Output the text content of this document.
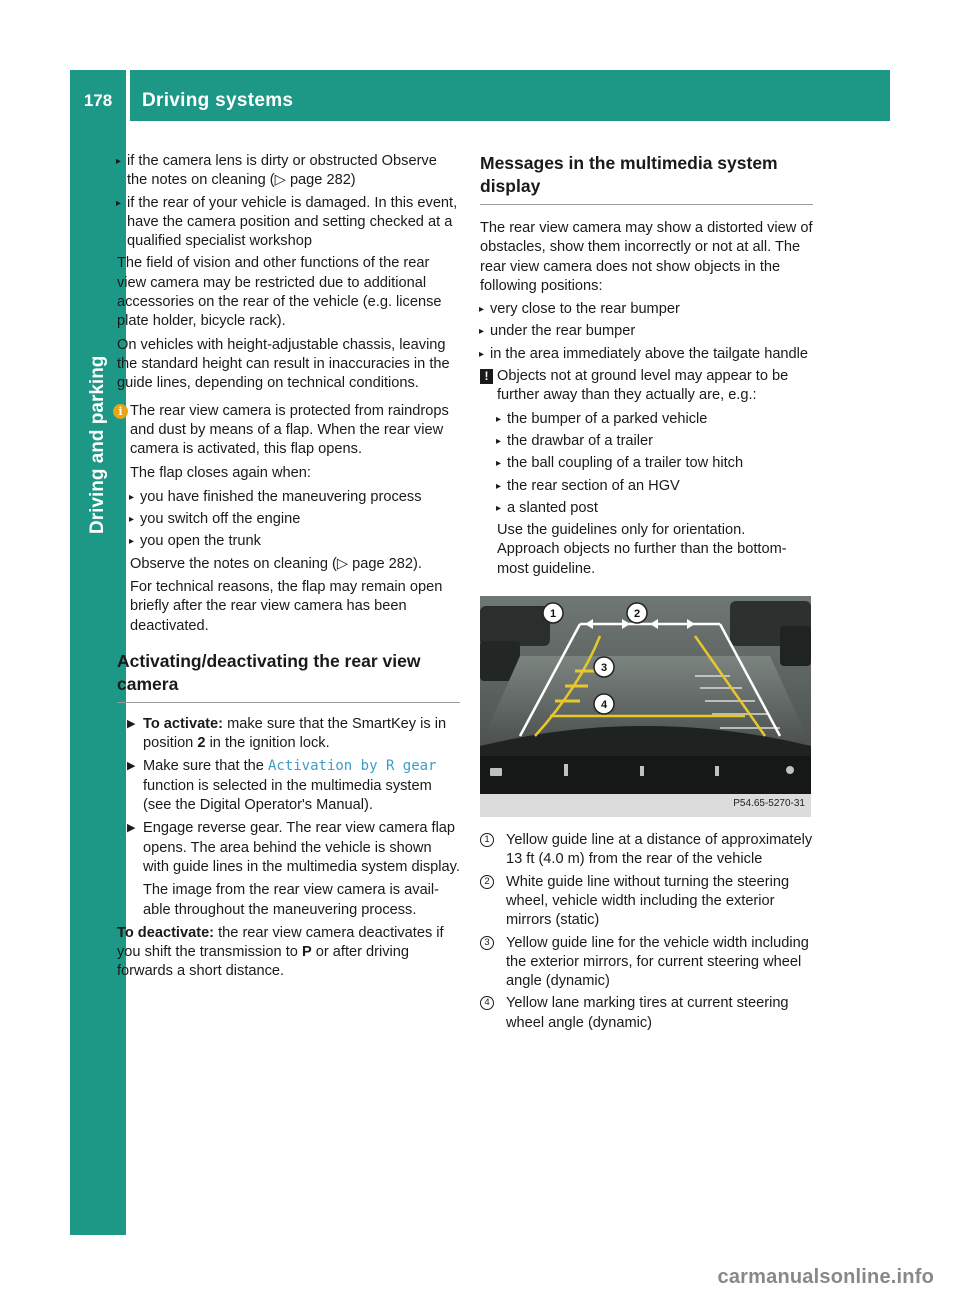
178	Driving systems
Driving and parking
▸ if the camera lens is dirty or obstructed Observe the notes on cleaning (▷ page 282)
▸ if the rear of your vehicle is damaged. In this event, have the camera position and setting checked at a qualified specialist workshop

The field of vision and other functions of the rear view camera may be restricted due to additional accessories on the rear of the vehicle (e.g. license plate holder, bicycle rack).

On vehicles with height-adjustable chassis, leaving the standard height can result in inaccuracies in the guide lines, depending on technical conditions.

i The rear view camera is protected from raindrops and dust by means of a flap. When the rear view camera is activated, this flap opens.

The flap closes again when:

▸ you have finished the maneuvering process
▸ you switch off the engine
▸ you open the trunk

Observe the notes on cleaning (▷ page 282).

For technical reasons, the flap may remain open briefly after the rear view camera has been deactivated.

Activating/deactivating the rear view camera
▶ To activate: make sure that the SmartKey is in position 2 in the ignition lock.
▶ Make sure that the Activation by R gear function is selected in the multimedia system (see the Digital Operator's Manual).
▶ Engage reverse gear. The rear view camera flap opens. The area behind the vehicle is shown with guide lines in the multimedia system display.

The image from the rear view camera is available throughout the maneuvering process.

To deactivate: the rear view camera deactivates if you shift the transmission to P or after driving forwards a short distance.

Messages in the multimedia system display

The rear view camera may show a distorted view of obstacles, show them incorrectly or not at all. The rear view camera does not show objects in the following positions:

▸ very close to the rear bumper
▸ under the rear bumper
▸ in the area immediately above the tailgate handle
! Objects not at ground level may appear to be further away than they actually are, e.g.:

▸ the bumper of a parked vehicle
▸ the drawbar of a trailer
▸ the ball coupling of a trailer tow hitch
▸ the rear section of an HGV
▸ a slanted post

Use the guidelines only for orientation.
Approach objects no further than the bottommost guideline.

1	2
3
4
P54.65-5270-31
1 Yellow guide line at a distance of approximately 13 ft (4.0 m) from the rear of the vehicle
2 White guide line without turning the steering wheel, vehicle width including the exterior mirrors (static)
3 Yellow guide line for the vehicle width including the exterior mirrors, for current steering wheel angle (dynamic)
4 Yellow lane marking tires at current steering wheel angle (dynamic)
carmanualsonline.info
